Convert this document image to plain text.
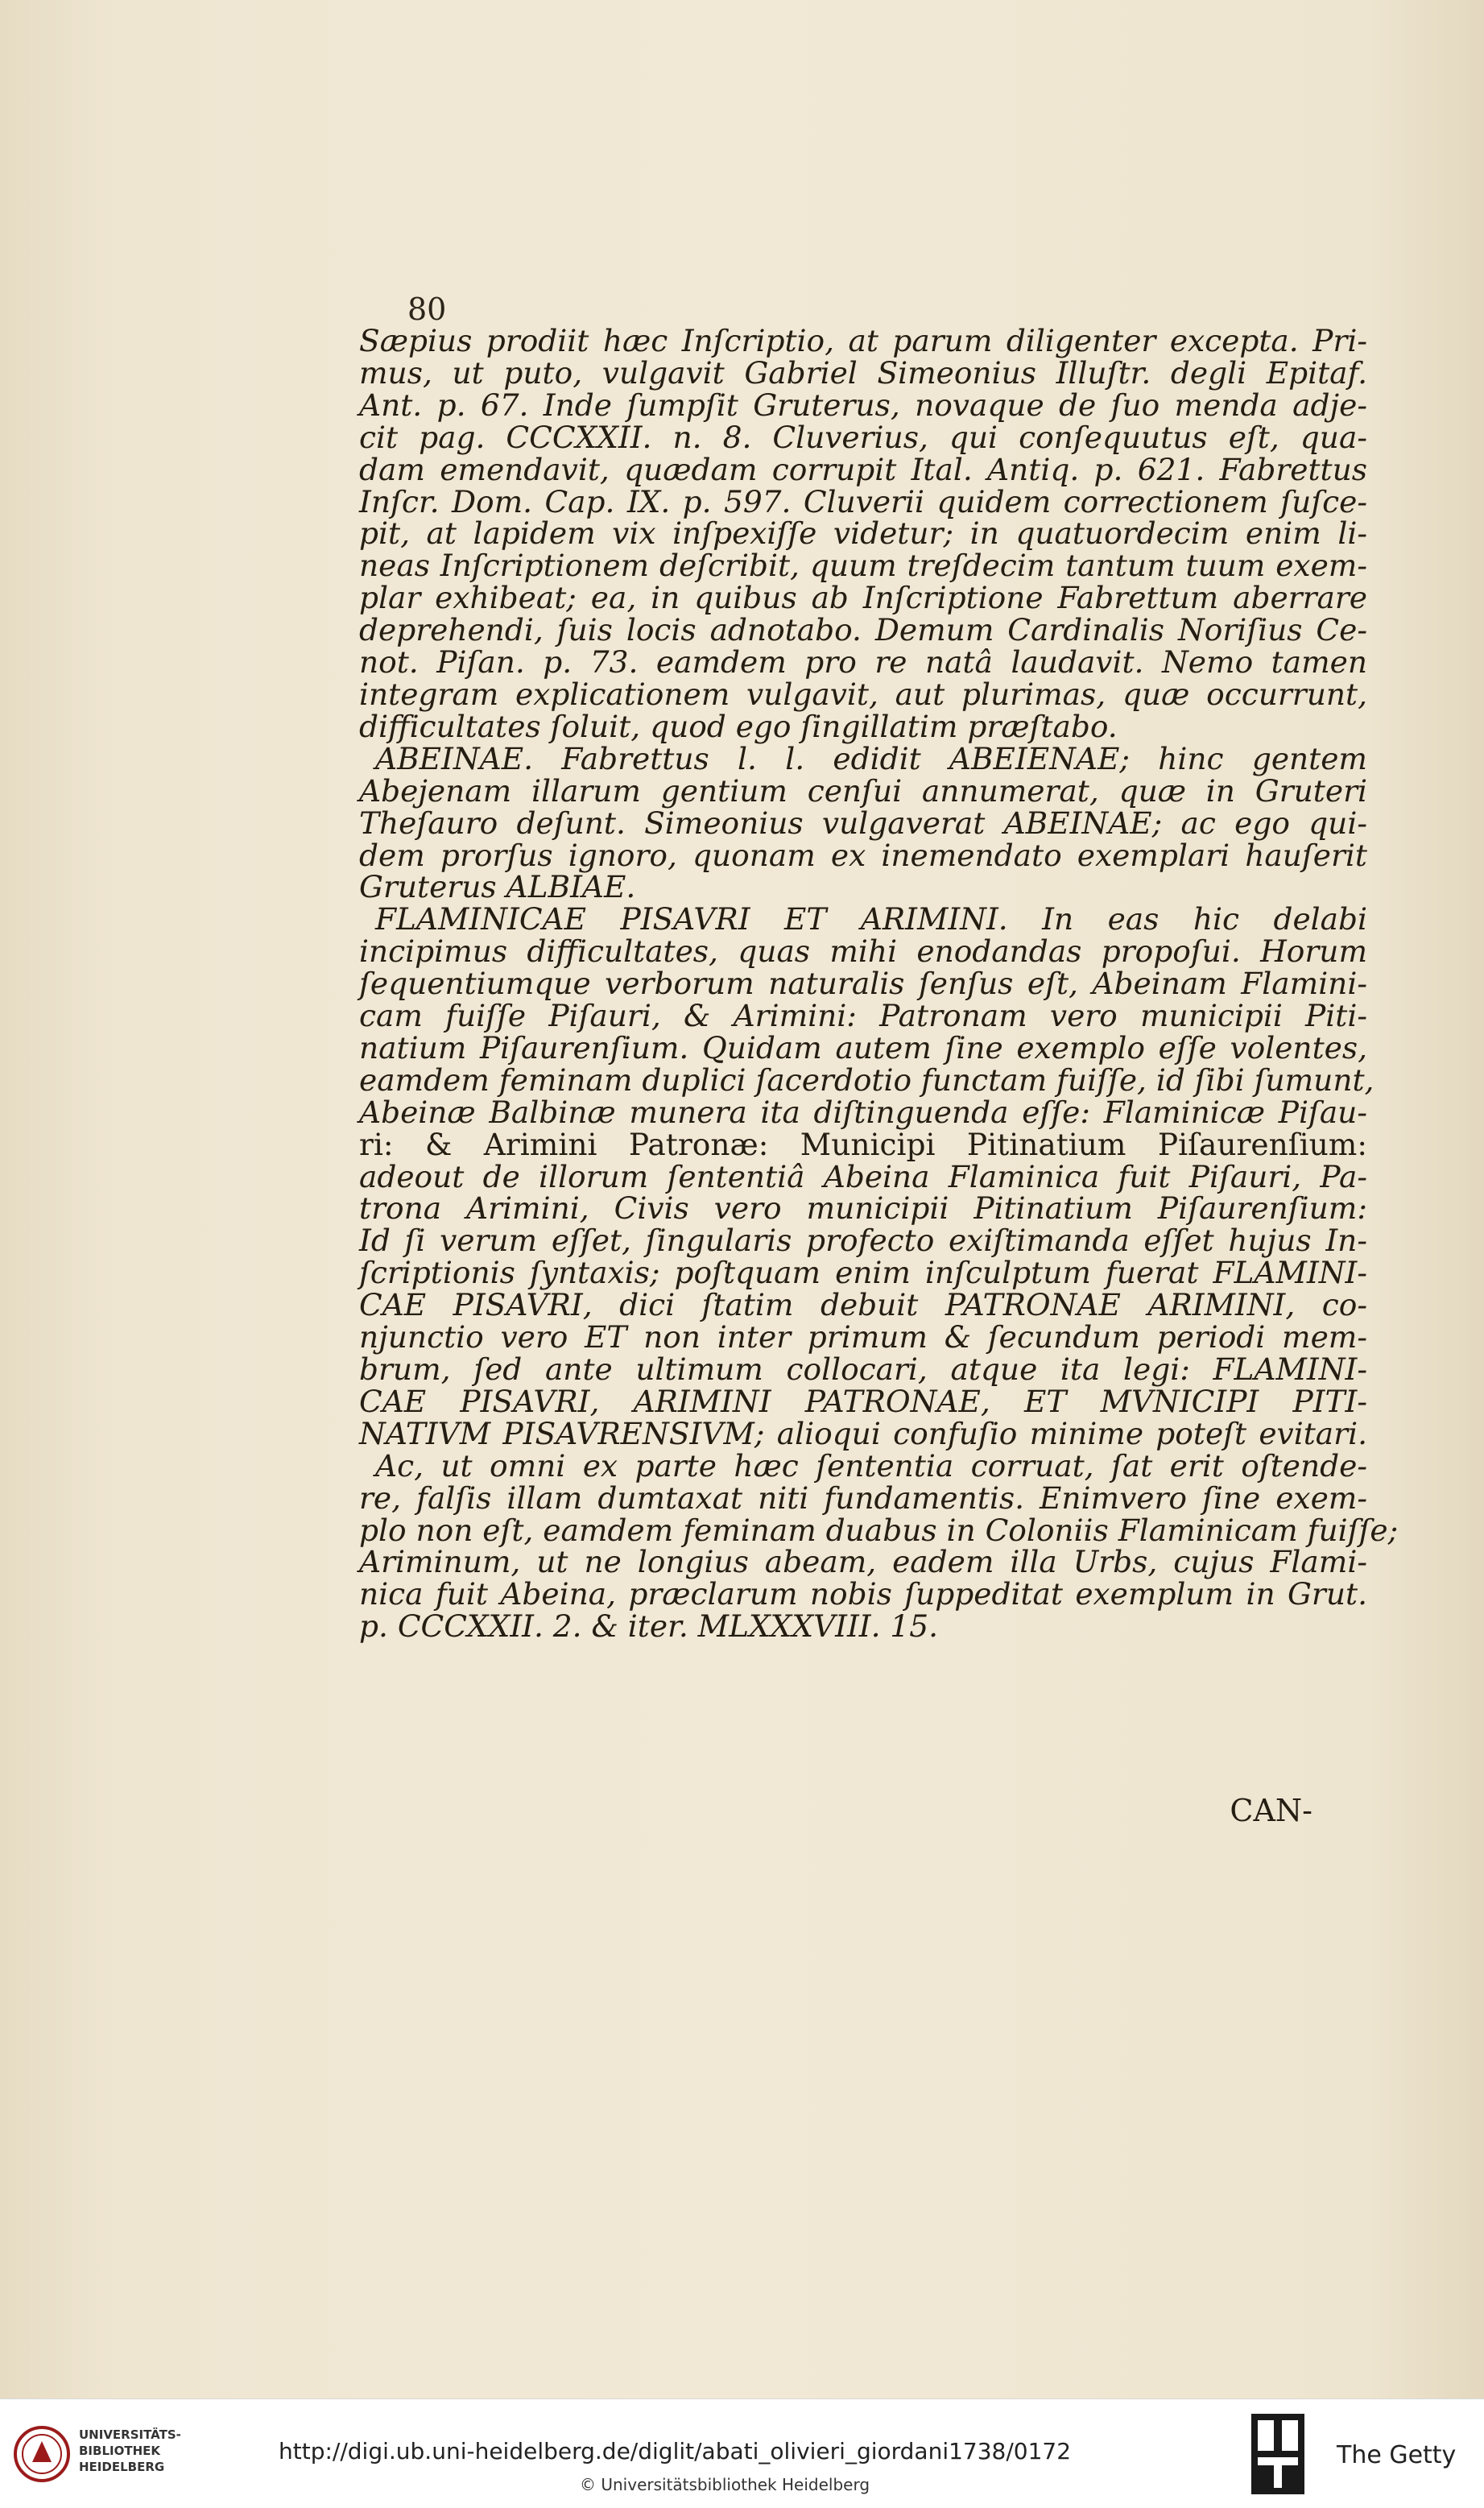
80
Sæpius prodiit hæc Inſcriptio, at parum diligenter excepta. Pri-
mus, ut puto, vulgavit Gabriel Simeonius Illuſtr. degli Epitaf.
Ant. p. 67. Inde ſumpſit Gruterus, novaque de ſuo menda adje-
cit pag. CCCXXII. n. 8. Cluverius, qui conſequutus eſt, qua-
dam emendavit, quædam corrupit Ital. Antiq. p. 621. Fabrettus
Inſcr. Dom. Cap. IX. p. 597. Cluverii quidem correctionem ſuſce-
pit, at lapidem vix inſpexiſſe videtur; in quatuordecim enim li-
neas Inſcriptionem deſcribit, quum treſdecim tantum tuum exem-
plar exhibeat; ea, in quibus ab Inſcriptione Fabrettum aberrare
deprehendi, ſuis locis adnotabo. Demum Cardinalis Noriſius Ce-
not. Piſan. p. 73. eamdem pro re natâ laudavit. Nemo tamen
integram explicationem vulgavit, aut plurimas, quæ occurrunt,
difficultates ſoluit, quod ego ſingillatim præſtabo.
ABEINAE. Fabrettus l. l. edidit ABEIENAE; hinc gentem
Abejenam illarum gentium cenſui annumerat, quæ in Gruteri
Theſauro deſunt. Simeonius vulgaverat ABEINAE; ac ego qui-
dem prorſus ignoro, quonam ex inemendato exemplari hauſerit
Gruterus ALBIAE.
FLAMINICAE PISAVRI ET ARIMINI. In eas hic delabi
incipimus difficultates, quas mihi enodandas propoſui. Horum
ſequentiumque verborum naturalis ſenſus eſt, Abeinam Flamini-
cam fuiſſe Piſauri, & Arimini: Patronam vero municipii Piti-
natium Piſaurenſium. Quidam autem ſine exemplo eſſe volentes,
eamdem feminam duplici ſacerdotio functam fuiſſe, id ſibi ſumunt,
Abeinæ Balbinæ munera ita diſtinguenda eſſe: Flaminicæ Piſau-
ri: & Arimini Patronæ: Municipi Pitinatium Piſaurenſium:
adeout de illorum ſententiâ Abeina Flaminica fuit Piſauri, Pa-
trona Arimini, Civis vero municipii Pitinatium Piſaurenſium:
Id ſi verum eſſet, ſingularis profecto exiſtimanda eſſet hujus In-
ſcriptionis ſyntaxis; poſtquam enim inſculptum fuerat FLAMINI-
CAE PISAVRI, dici ſtatim debuit PATRONAE ARIMINI, co-
njunctio vero ET non inter primum & ſecundum periodi mem-
brum, ſed ante ultimum collocari, atque ita legi: FLAMINI-
CAE PISAVRI, ARIMINI PATRONAE, ET MVNICIPI PITI-
NATIVM PISAVRENSIVM; alioqui confuſio minime poteſt evitari.
Ac, ut omni ex parte hæc ſententia corruat, ſat erit oſtende-
re, falſis illam dumtaxat niti fundamentis. Enimvero ſine exem-
plo non eſt, eamdem feminam duabus in Coloniis Flaminicam fuiſſe;
Ariminum, ut ne longius abeam, eadem illa Urbs, cujus Flami-
nica fuit Abeina, præclarum nobis ſuppeditat exemplum in Grut.
p. CCCXXII. 2. & iter. MLXXXVIII. 15.
CAN-
UNIVERSITÄTS-
BIBLIOTHEK
HEIDELBERG
http://digi.ub.uni-heidelberg.de/diglit/abati_olivieri_giordani1738/0172
© Universitätsbibliothek Heidelberg
The Getty
